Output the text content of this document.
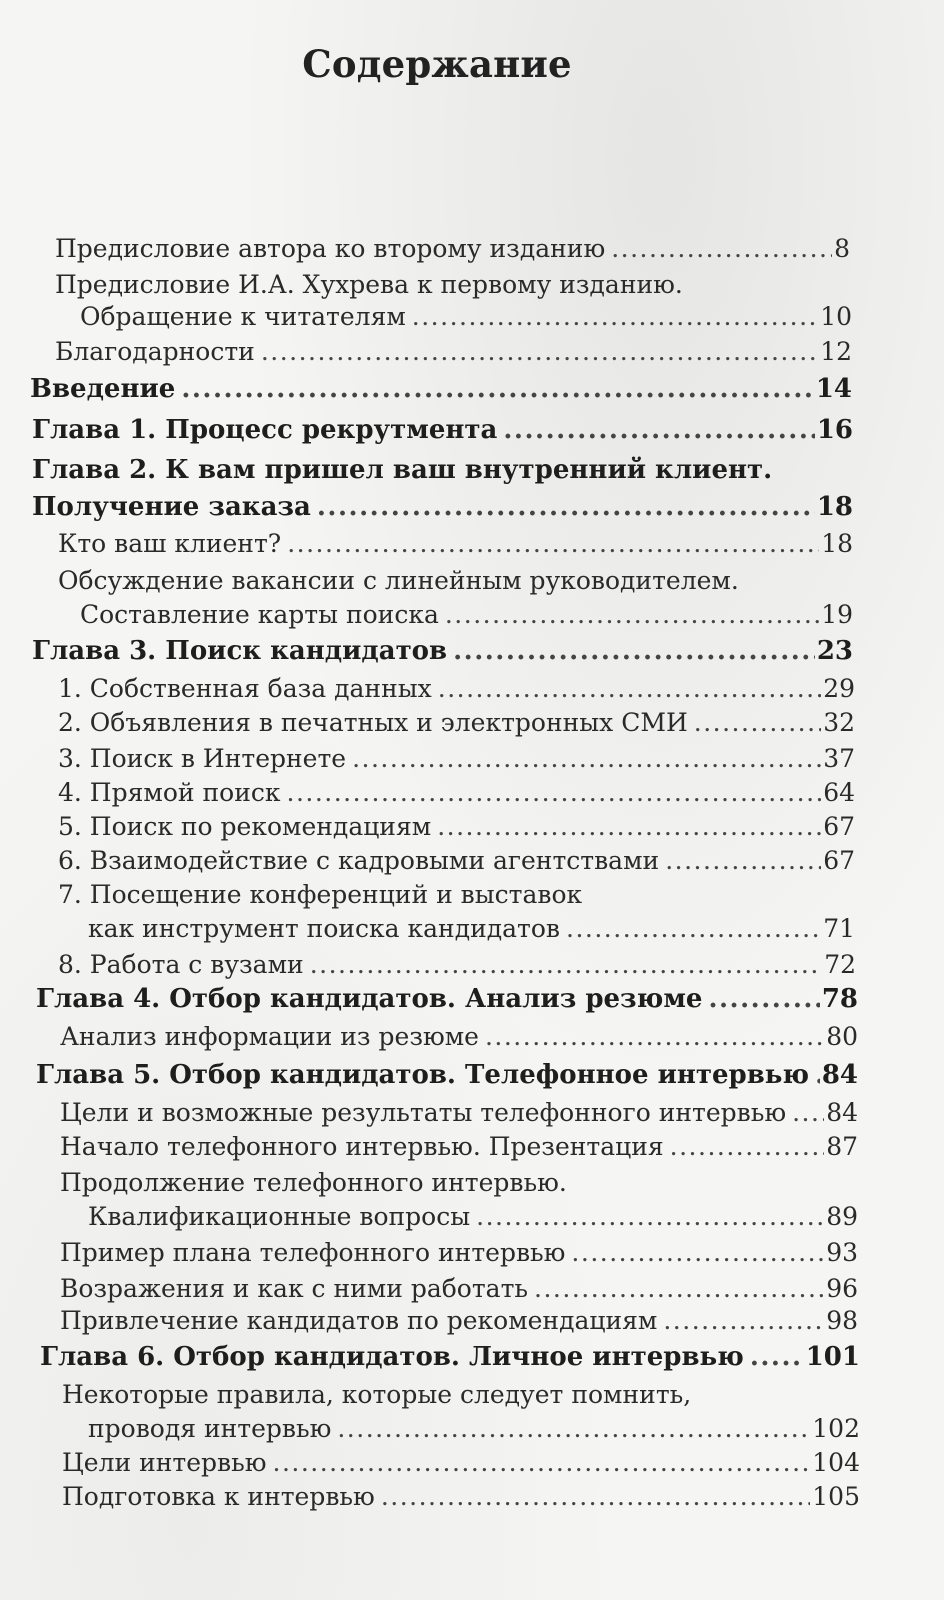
Содержание
Предисловие автора ко второму изданию .....	8
Предисловие И.А. Хухрева к первому изданию.
Обращение к читателям .....	10
Благодарности .....	12
Введение .....	14
Глава 1. Процесс рекрутмента .....	16
Глава 2. К вам пришел ваш внутренний клиент.
Получение заказа .....	18
Кто ваш клиент? .....	18
Обсуждение вакансии с линейным руководителем.
Составление карты поиска .....	19
Глава 3. Поиск кандидатов .....	23
1. Собственная база данных .....	29
2. Объявления в печатных и электронных СМИ .....	32
3. Поиск в Интернете .....	37
4. Прямой поиск .....	64
5. Поиск по рекомендациям .....	67
6. Взаимодействие с кадровыми агентствами .....	67
7. Посещение конференций и выставок
как инструмент поиска кандидатов .....	71
8. Работа с вузами .....	72
Глава 4. Отбор кандидатов. Анализ резюме .....	78
Анализ информации из резюме .....	80
Глава 5. Отбор кандидатов. Телефонное интервью ..... 84
Цели и возможные результаты телефонного интервью ..... 84
Начало телефонного интервью. Презентация .....	87
Продолжение телефонного интервью.
Квалификационные вопросы .....	89
Пример плана телефонного интервью .....	93
Возражения и как с ними работать .....	96
Привлечение кандидатов по рекомендациям .....	98
Глава 6. Отбор кандидатов. Личное интервью ..... 101
Некоторые правила, которые следует помнить,
проводя интервью .....	102
Цели интервью .....	104
Подготовка к интервью .....	105
